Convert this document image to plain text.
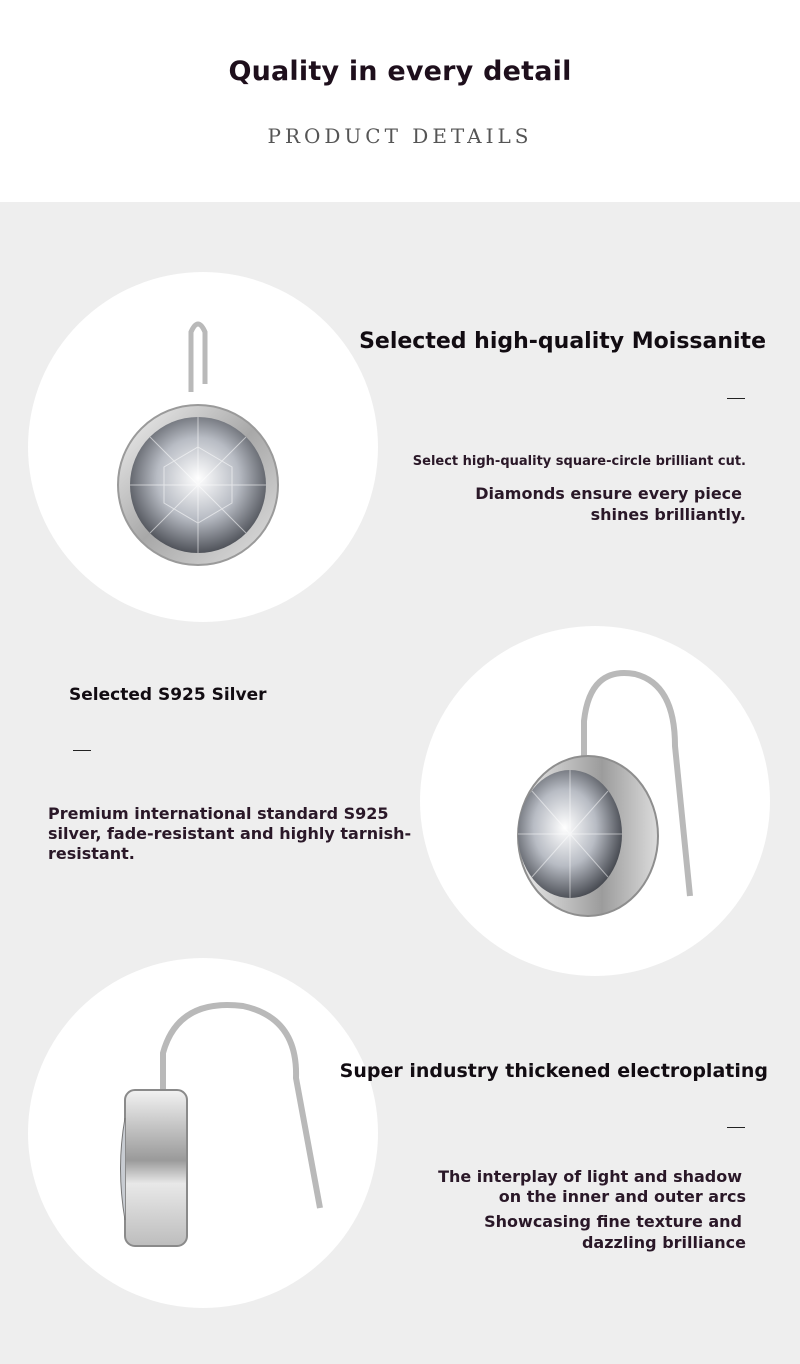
Quality in every detail
PRODUCT DETAILS
Selected high-quality Moissanite
Select high-quality square-circle brilliant cut.
Diamonds ensure every piece
shines brilliantly.
Selected S925 Silver
Premium international standard S925
silver, fade-resistant and highly tarnish-
resistant.
Super industry thickened electroplating
The interplay of light and shadow
on the inner and outer arcs
Showcasing fine texture and
dazzling brilliance
